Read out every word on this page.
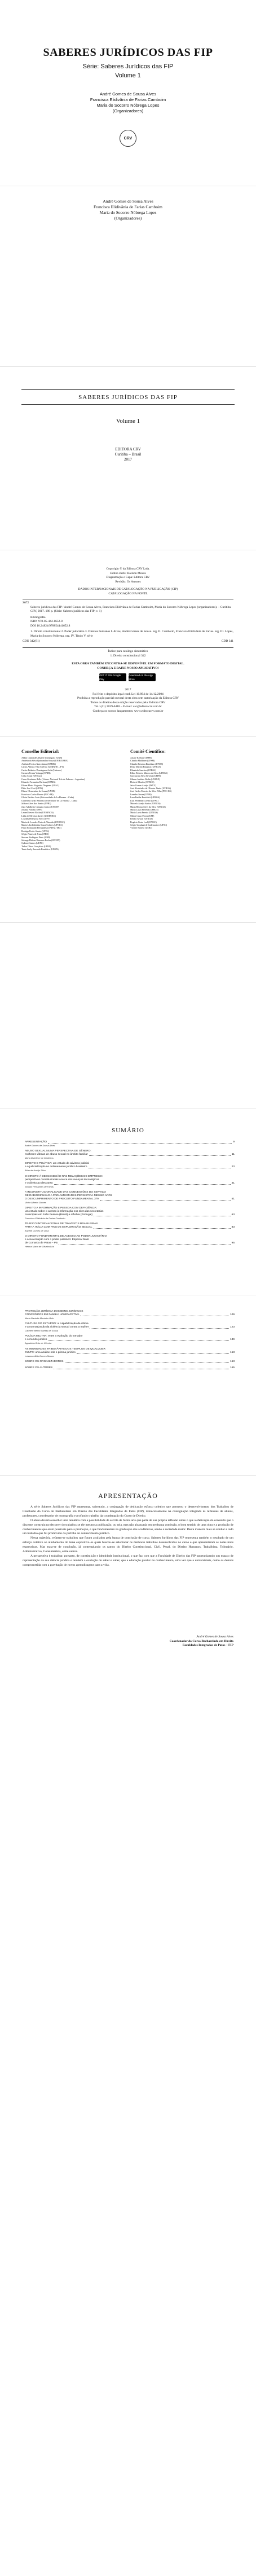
SABERES JURÍDICOS DAS FIP
Série: Saberes Jurídicos das FIP
Volume 1
André Gomes de Sousa Alves
Francisca Elidivânia de Farias Camboim
Maria do Socorro Nóbrega Lopes
(Organizadores)
CRV
André Gomes de Sousa Alves
Francisca Elidivânia de Farias Camboim
Maria do Socorro Nóbrega Lopes
(Organizadores)
SABERES JURÍDICOS DAS FIP
Volume 1
EDITORA CRV
Curitiba – Brasil
2017
Copyright © da Editora CRV Ltda.
Editor-chefe: Railson Moura
Diagramação e Capa: Editora CRV
Revisão: Os Autores
DADOS INTERNACIONAIS DE CATALOGAÇÃO NA PUBLICAÇÃO (CIP)
CATALOGAÇÃO NA FONTE
S672
Saberes jurídicos das FIP / André Gomes de Sousa Alves, Francisca Elidivânia de Farias Camboim, Maria do Socorro Nóbrega Lopes (organizadores). – Curitiba: CRV, 2017. 188 p. (Série: Saberes jurídicos das FIP; v. 1)
Bibliografia
ISBN 978-85-444-1652-8
DOI 10.24824/978854441652.8
1. Direito constitucional 2. Poder judiciário 3. Direitos humanos I. Alves, André Gomes de Sousa. org. II. Camboim, Francisca Elidivânia de Farias. org. III. Lopes, Maria do Socorro Nóbrega. org. IV. Título V. série
CDU 342(81)	CDD 341
Índice para catálogo sistemático
1. Direito constitucional 342
ESTA OBRA TAMBÉM ENCONTRA-SE DISPONÍVEL EM FORMATO DIGITAL.
CONHEÇA E BAIXE NOSSO APLICATIVO!
GET IT ON Google Play
Download on the App Store
2017
Foi feito o depósito legal conf. Lei 10.994 de 14/12/2004
Proibida a reprodução parcial ou total desta obra sem autorização da Editora CRV
Todos os direitos desta edição reservados pela: Editora CRV
Tel.: (41) 3039-6418 – E-mail: sac@editoracrv.com.br
Conheça os nossos lançamentos: www.editoracrv.com.br
Conselho Editorial:
Aldira Guimarães Duarte Domínguez (UNB)
Andréia da Silva Quintanilha Sousa (UNIR/UFRN)
Antônio Pereira Gaio Júnior (UFRRJ)
Carlos Alberto Vilar Estêvão (UMINHO – PT)
Carlos Federico Dominguez Avila (Unieuro)
Carmen Tereza Velanga (UNIR)
Celso Conti (UFSCar)
Cesar Gerónimo Tello (Univer. Nacional Três de Febrero – Argentina)
Eduardo Fernandes Barbosa (UFMG)
Elione Maria Nogueira Diogenes (UFAL)
Élsio José Corá (UFFS)
Elizeu Clementino de Souza (UNEB)
Francisco Carlos Duarte (PUC-PR)
Gloria Fariñas León (Universidade de La Havana – Cuba)
Guillermo Arias Beatón (Universidade de La Havana – Cuba)
Jailson Alves dos Santos (UFRJ)
João Adalberto Campato Junior (UNESP)
Josania Portela (UFPI)
Leonel Severo Rocha (UNISINOS)
Lídia de Oliveira Xavier (UNIEURO)
Lourdes Helena da Silva (UFV)
Maria de Lourdes Pinto de Almeida (UNOESC)
Maria Lília Imbiriba Sousa Colares (UFOPA)
Paulo Romualdo Hernandes (UNIFAL-MG)
Rodrigo Pratte-Santos (UFES)
Sérgio Nunes de Jesus (IFRO)
Simone Rodrigues Pinto (UNB)
Solange Helena Ximenes-Rocha (UFOPA)
Sydione Santos (UEPG)
Tadeu Oliver Gonçalves (UFPA)
Tania Suely Azevedo Brasileiro (UFOPA)
Comitê Científico:
Ariane Kerbauy (IFPB)
Claudio Maldaner (UFSM)
Claudio Teixeira Damilano (UFSM)
Deise Marchi Panizzon (UFRGS)
Elizabeth Sanches (UFRGS)
Fábio Roberto Mateus da Silva (UFRGS)
Giovani da Silva Silveira (UEPB)
Gilmar Antônio Bedin (UNIJUÍ)
Herbert Mendes (UFRGS)
Jairo Gomes Araújo (FSVV)
José Alcebíades de Oliveira Júnior (UFRGS)
José Carlos Moreira da Silva Filho (PUC-RS)
Leandro Souza (UNIR)
Lusa Emília Bertolotti (UFRGS)
Luiz Fernando Coelho (UFSC)
Marcelo Araújo Santos (UFRGS)
Maria Helena Alves da Silva (UFRGS)
Maria Luiza Ferreira (UFRGS)
Maria Luzia Pereira (UFRGS)
Nilton Cesar Flores (UFF)
Renato Sawan (UFRGS)
Rogério Gesta Leal (UNISC)
Sérgio Urquhart de Cademartori (UFSC)
Vicente Barreto (UERJ)
SUMÁRIO
APRESENTAÇÃO	9
André Gomes de Sousa Alves
ABUSO SEXUAL NUMA PERSPECTIVA DE GÊNERO:
mulheres vítimas de abuso sexual no âmbito familiar	11
Maria Dulcilene de Medeiros
DIREITO E POLÍTICA: um estudo do ativismo judicial
e a judicialização no ordenamento jurídico brasileiro	23
Aline de Araújo Silva
O DIREITO À DESCONEXÃO NAS RELAÇÕES DE EMPREGO:
perspectivas constitucionais acerca dos avanços tecnológicos
e o direito ao descanso	41
Jonnas Fernandes de Farias
A INCONSTITUCIONALIDADE DAS CONCESSÕES DO SERVIÇO
DE RADIODIFUSÃO A PARLAMENTARES PERSISTIRÁ MESMO APÓS
O DESCUMPRIMENTO DE PRECEITO FUNDAMENTAL 379	51
Victor Alfredo Gomes
DIREITO A INFORMAÇÃO E PESSOA COM DEFICIÊNCIA:
um estudo sobre o acesso à informação nos sites das secretarias
municipais em João Pessoa (Brasil) e Alfurbia (Portugal)	63
Francisca Elidivânia de Farias Camboim
TRÁFICO INTERNACIONAL DE TRAVESTIS BRASILEIRAS
PARA A ITÁLIA COM FINS DE EXPLORAÇÃO SEXUAL	83
Anyelle Gomes de Lima
O DIREITO FUNDAMENTAL DE ACESSO AO PODER JUDICIÁRIO
e a sua relação com o poder judiciário: Especial Mato
de Comarca de Patos – PB	95
Helena Maria de Oliveira Lira
PROTEÇÃO JURÍDICA DOS BENS JURÍDICOS
CONCEDIDOS EM FAMÍLIA HOMOAFETIVA	109
Maria Danielle Monteiro Brito
CULTURA DO ESTUPRO: a culpabilização da vítima
e a normatização da violência sexual contra a mulher	123
Carmem Belchi Dantas de Sousa
POLÍCIA MILITAR: entre a evolução do tornador
e o mundo jurídico	139
Agostinho Brito de Oliveira
AS IMUNIDADES TRIBUTÁRIAS DOS TEMPLOS DE QUALQUER
CULTO: uma análise sob o prisma jurídico	153
Lohanna Ábia Gomes Moura
SOBRE OS ORGANIZADORES	163
SOBRE OS AUTORES	165
APRESENTAÇÃO

A série Saberes Jurídicos das FIP representa, sobretudo, a conjugação de dedicação esforço coletivo que permeou o desenvolvimento dos Trabalhos de Conclusão do Curso de Bacharelado em Direito das Faculdades Integradas de Patos (FIP), minuciosamente na consignação integrada às reflexões de alunos, professores, coordenador de monografia e profundo trabalho da coordenação do Curso de Direito.

O aluno deveria escolher uma temática com a possibilidade de escrita de forma arte que parte de sua própria reflexão sobre o que a efetivação do conteúdo que o discente construiu no decorrer do trabalho; se ele mesmo a publicação, ou seja, mas não alcançada em nenhuma comissão, o bom sentido de uma obra e a produção de conhecimentos que eram possíveis para a promoção, e que fundamentam na graduação dos acadêmicos, sendo a sociedade maior. Desta maneira mais se alinhar a todo um trabalho que foi promovido da partilha do conhecimento jurídico.

Nessa trajetória, reúnem-se trabalhos que foram avaliados pela banca de conclusão de curso. Saberes Jurídicos das FIP representa também o resultado de um esforço coletivo ao alinhamento do tema expositivo os quais buscou-se selecionar os melhores trabalhos desenvolvidos no curso e que apresentaram as notas mais expressivas. Mas trata-se de conclusão, já contemplando os ramos do Direito Constitucional, Civil, Penal, do Direito Humanos, Trabalhista, Tributário, Administrativo, Consumerista, entre outros.

A perspectiva é trabalhar, portanto, de constituição e identidade institucional, o que faz com que a Faculdade de Direito das FIP oportunizando um espaço de representação da sua ciência jurídica e também a evolução do saber e saber, que a educação produz no conhecimento, uma vez que a universidade, como os demais comprometida com a gravitação de novos aprendizagens para a vida.

André Gomes de Sousa Alves
Coordenador do Curso Bacharelado em Direito
Faculdades Integradas de Patos – FIP
